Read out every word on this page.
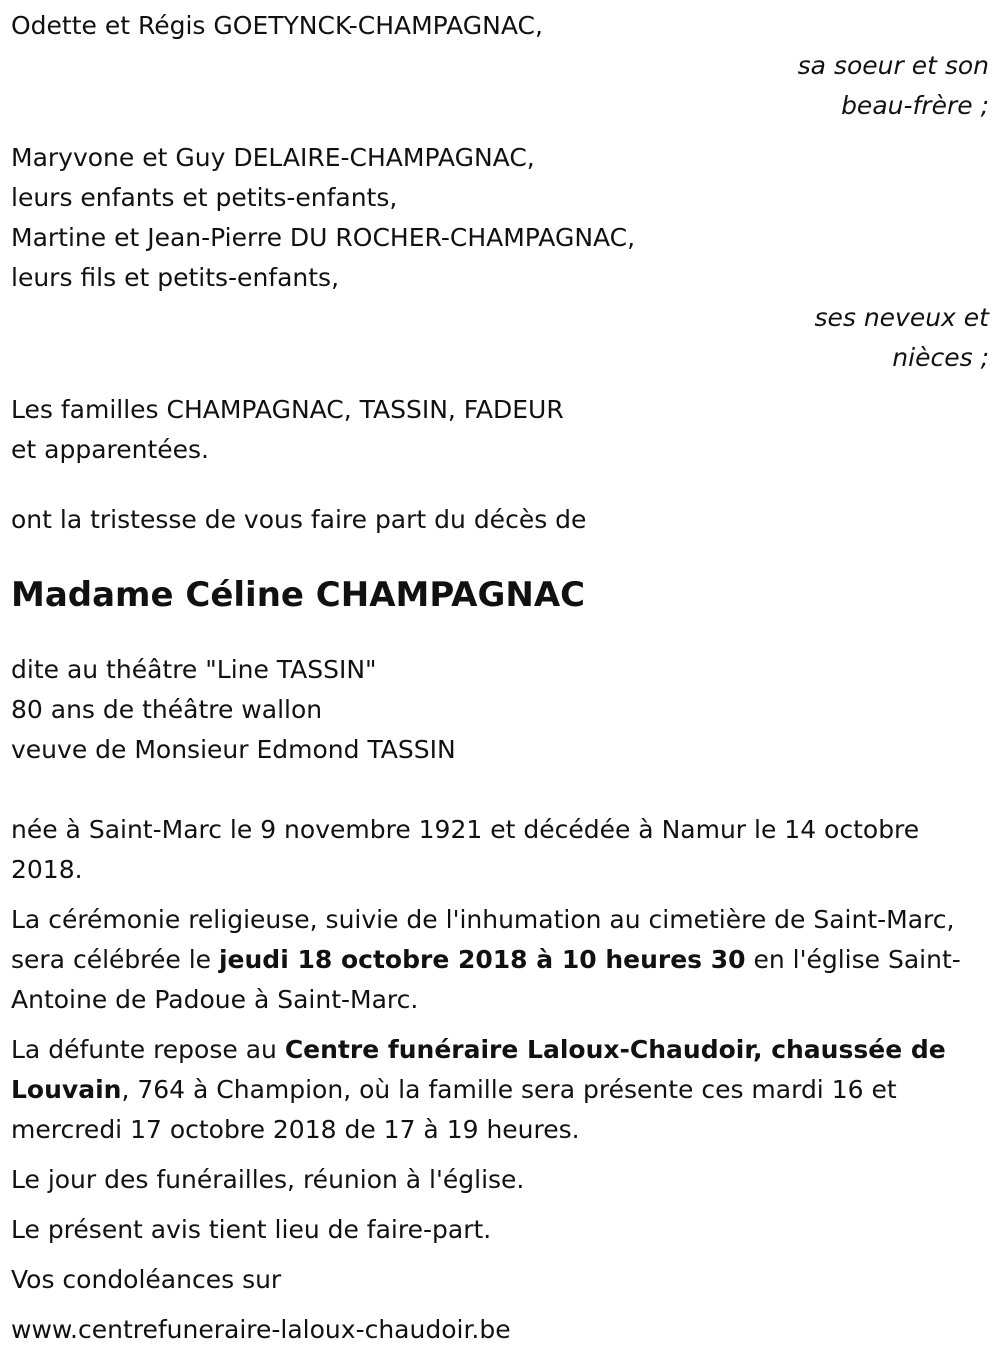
Odette et Régis GOETYNCK-CHAMPAGNAC,
sa soeur et son
beau-frère ;
Maryvone et Guy DELAIRE-CHAMPAGNAC,
leurs enfants et petits-enfants,
Martine et Jean-Pierre DU ROCHER-CHAMPAGNAC,
leurs fils et petits-enfants,
ses neveux et
nièces ;
Les familles CHAMPAGNAC, TASSIN, FADEUR
et apparentées.
ont la tristesse de vous faire part du décès de
Madame Céline CHAMPAGNAC
dite au théâtre "Line TASSIN"
80 ans de théâtre wallon
veuve de Monsieur Edmond TASSIN

née à Saint-Marc le 9 novembre 1921 et décédée à Namur le 14 octobre 2018.

La cérémonie religieuse, suivie de l'inhumation au cimetière de Saint-Marc, sera célébrée le jeudi 18 octobre 2018 à 10 heures 30 en l'église Saint-Antoine de Padoue à Saint-Marc.

La défunte repose au Centre funéraire Laloux-Chaudoir, chaussée de Louvain, 764 à Champion, où la famille sera présente ces mardi 16 et mercredi 17 octobre 2018 de 17 à 19 heures.

Le jour des funérailles, réunion à l'église.

Le présent avis tient lieu de faire-part.

Vos condoléances sur

www.centrefuneraire-laloux-chaudoir.be
